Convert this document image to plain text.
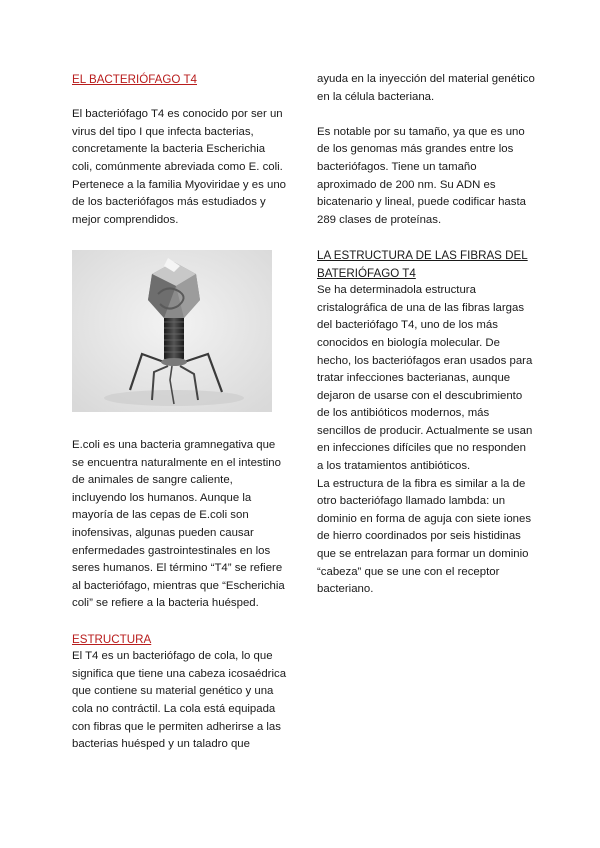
EL BACTERIÓFAGO T4

El bacteriófago T4 es conocido por ser un virus del tipo I que infecta bacterias, concretamente la bacteria Escherichia coli, comúnmente abreviada como E. coli. Pertenece a la familia Myoviridae y es uno de los bacteriófagos más estudiados y mejor comprendidos.

E.coli es una bacteria gramnegativa que se encuentra naturalmente en el intestino de animales de sangre caliente, incluyendo los humanos. Aunque la mayoría de las cepas de E.coli son inofensivas, algunas pueden causar enfermedades gastrointestinales en los seres humanos. El término “T4” se refiere al bacteriófago, mientras que “Escherichia coli” se refiere a la bacteria huésped.

ESTRUCTURA

El T4 es un bacteriófago de cola, lo que significa que tiene una cabeza icosaédrica que contiene su material genético y una cola no contráctil. La cola está equipada con fibras que le permiten adherirse a las bacterias huésped y un taladro que

ayuda en la inyección del material genético en la célula bacteriana.

Es notable por su tamaño, ya que es uno de los genomas más grandes entre los bacteriófagos. Tiene un tamaño aproximado de 200 nm. Su ADN es bicatenario y lineal, puede codificar hasta 289 clases de proteínas.

LA ESTRUCTURA DE LAS FIBRAS DEL BATERIÓFAGO T4

Se ha determinadola estructura cristalográfica de una de las fibras largas del bacteriófago T4, uno de los más conocidos en biología molecular. De hecho, los bacteriófagos eran usados para tratar infecciones bacterianas, aunque dejaron de usarse con el descubrimiento de los antibióticos modernos, más sencillos de producir. Actualmente se usan en infecciones difíciles que no responden a los tratamientos antibióticos.

La estructura de la fibra es similar a la de otro bacteriófago llamado lambda: un dominio en forma de aguja con siete iones de hierro coordinados por seis histidinas que se entrelazan para formar un dominio “cabeza” que se une con el receptor bacteriano.
